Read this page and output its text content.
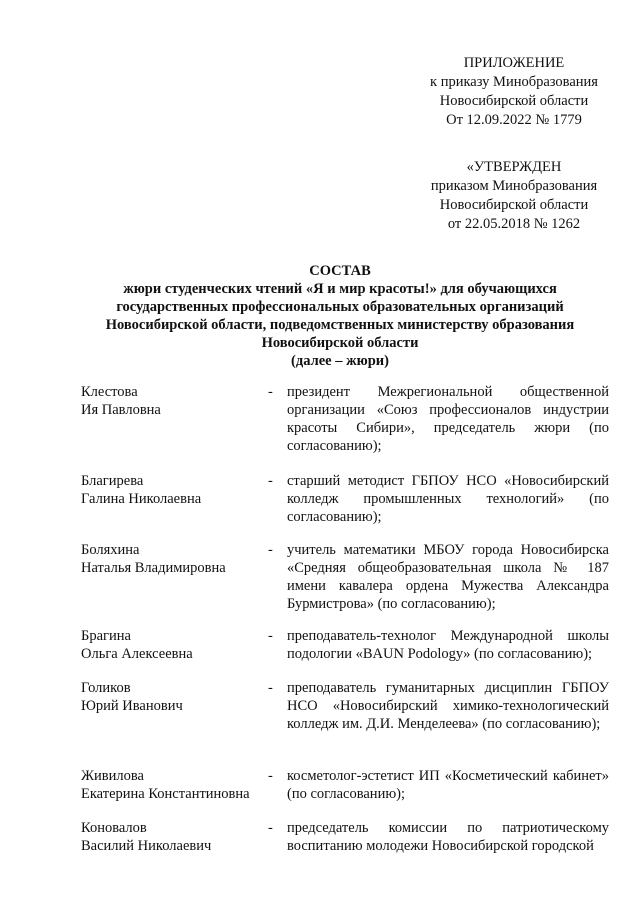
ПРИЛОЖЕНИЕ
к приказу Минобразования
Новосибирской области
От 12.09.2022 № 1779
«УТВЕРЖДЕН
приказом Минобразования
Новосибирской области
от 22.05.2018 № 1262
СОСТАВ
жюри студенческих чтений «Я и мир красоты!» для обучающихся
государственных профессиональных образовательных организаций
Новосибирской области, подведомственных министерству образования
Новосибирской области
(далее – жюри)
Клестова
Ия Павловна
- президент Межрегиональной общественной организации «Союз профессионалов индустрии красоты Сибири», председатель жюри (по согласованию);
Благирева
Галина Николаевна
- старший методист ГБПОУ НСО «Новосибирский колледж промышленных технологий» (по согласованию);
Боляхина
Наталья Владимировна
- учитель математики МБОУ города Новосибирска «Средняя общеобразовательная школа № 187 имени кавалера ордена Мужества Александра Бурмистрова» (по согласованию);
Брагина
Ольга Алексеевна
- преподаватель-технолог Международной школы подологии «BAUN Podology» (по согласованию);
Голиков
Юрий Иванович
- преподаватель гуманитарных дисциплин ГБПОУ НСО «Новосибирский химико-технологический колледж им. Д.И. Менделеева» (по согласованию);
Живилова
Екатерина Константиновна
- косметолог-эстетист ИП «Косметический кабинет» (по согласованию);
Коновалов
Василий Николаевич
- председатель комиссии по патриотическому воспитанию молодежи Новосибирской городской
